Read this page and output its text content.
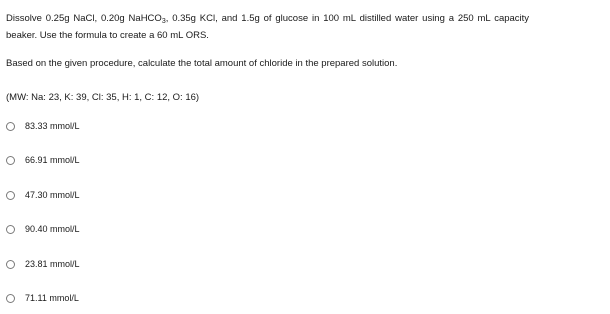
Dissolve 0.25g NaCl, 0.20g NaHCO$_3$, 0.35g KCl, and 1.5g of glucose in 100 mL distilled water using a 250 mL capacity
beaker. Use the formula to create a 60 mL ORS.
Based on the given procedure, calculate the total amount of chloride in the prepared solution.
(MW: Na: 23, K: 39, Cl: 35, H: 1, C: 12, O: 16)
83.33 mmol/L
66.91 mmol/L
47.30 mmol/L
90.40 mmol/L
23.81 mmol/L
71.11 mmol/L
